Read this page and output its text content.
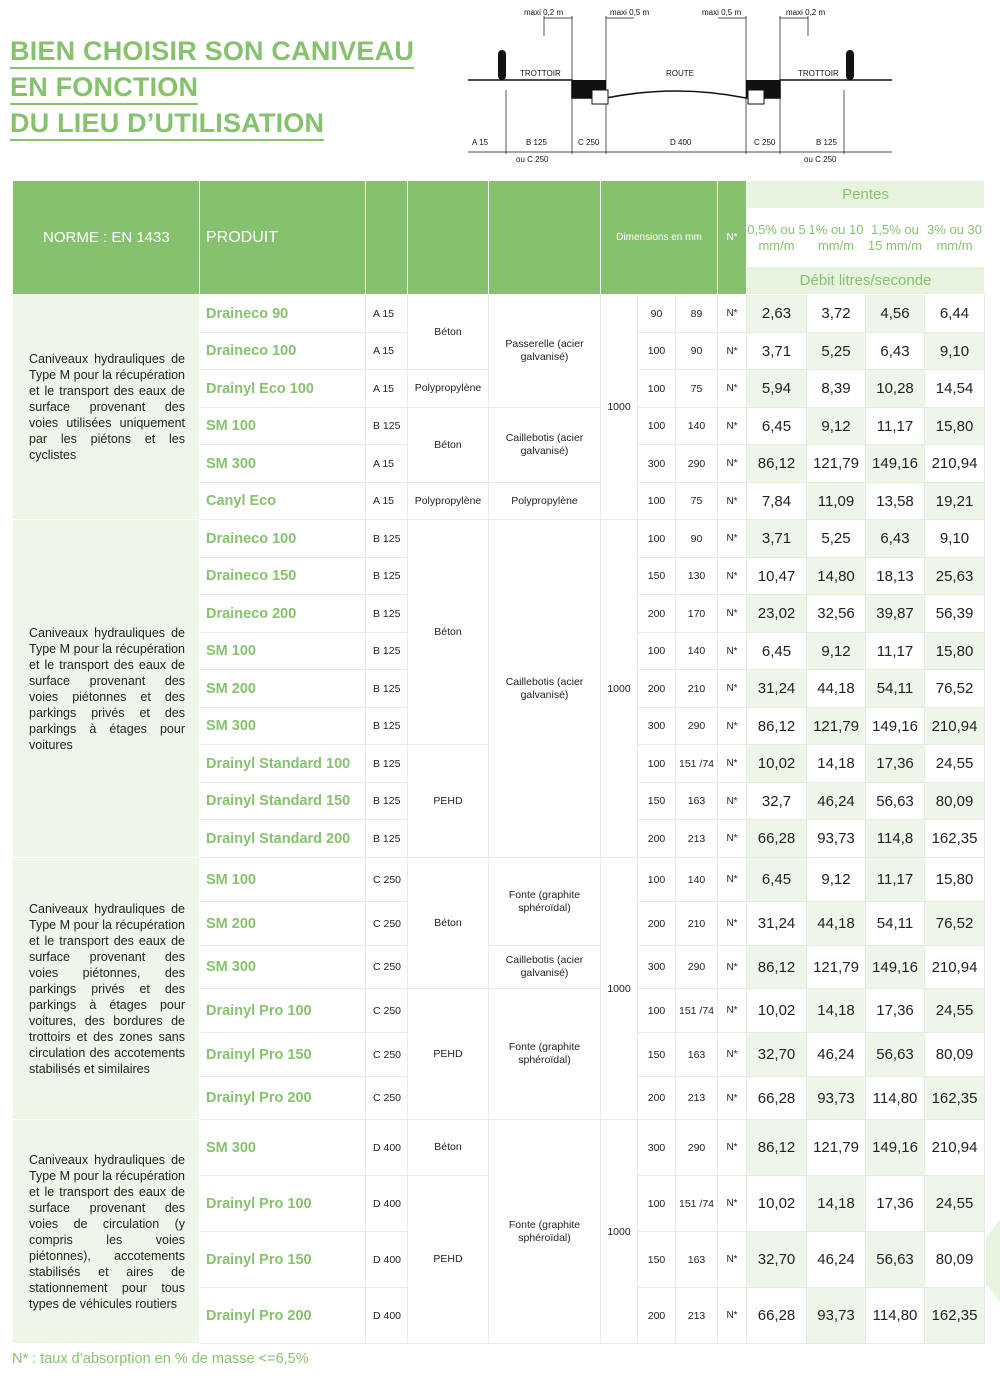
BIEN CHOISIR SON CANIVEAU
EN FONCTION
DU LIEU D’UTILISATION
maxi 0,2 m	maxi 0,5 m	maxi 0,5 m	maxi 0,2 m
TROTTOIR	ROUTE	TROTTOIR
A 15	B 125	C 250	D 400	C 250	B 125
ou C 250	ou C 250
NORME : EN 1433	PRODUIT				Dimensions en mm			N*	Pentes			
									0,5% ou 5 mm/m	1% ou 10 mm/m	1,5% ou 15 mm/m	3% ou 30 mm/m
									Débit litres/seconde			
Caniveaux hydrauliques de Type M pour la récupération et le transport des eaux de surface provenant des voies utilisées uniquement par les piétons et les cyclistes	Draineco 90	A 15	Béton	Passerelle (acier galvanisé)	1000	90	89	N*	2,63	3,72	4,56	6,44
	Draineco 100	A 15				100	90	N*	3,71	5,25	6,43	9,10
	Drainyl Eco 100	A 15	Polypropylène			100	75	N*	5,94	8,39	10,28	14,54
	SM 100	B 125	Béton	Caillebotis (acier galvanisé)		100	140	N*	6,45	9,12	11,17	15,80
	SM 300	A 15				300	290	N*	86,12	121,79	149,16	210,94
	Canyl Eco	A 15	Polypropylène	Polypropylène		100	75	N*	7,84	11,09	13,58	19,21
Caniveaux hydrauliques de Type M pour la récupération et le transport des eaux de surface provenant des voies piétonnes et des parkings privés et des parkings à étages pour voitures	Draineco 100	B 125	Béton	Caillebotis (acier galvanisé)	1000	100	90	N*	3,71	5,25	6,43	9,10
	Draineco 150	B 125				150	130	N*	10,47	14,80	18,13	25,63
	Draineco 200	B 125				200	170	N*	23,02	32,56	39,87	56,39
	SM 100	B 125				100	140	N*	6,45	9,12	11,17	15,80
	SM 200	B 125				200	210	N*	31,24	44,18	54,11	76,52
	SM 300	B 125				300	290	N*	86,12	121,79	149,16	210,94
	Drainyl Standard 100	B 125	PEHD			100	151 /74	N*	10,02	14,18	17,36	24,55
	Drainyl Standard 150	B 125				150	163	N*	32,7	46,24	56,63	80,09
	Drainyl Standard 200	B 125				200	213	N*	66,28	93,73	114,8	162,35
Caniveaux hydrauliques de Type M pour la récupération et le transport des eaux de surface provenant des voies piétonnes, des parkings privés et des parkings à étages pour voitures, des bordures de trottoirs et des zones sans circulation des accotements stabilisés et similaires	SM 100	C 250	Béton	Fonte (graphite sphéroïdal)	1000	100	140	N*	6,45	9,12	11,17	15,80
	SM 200	C 250				200	210	N*	31,24	44,18	54,11	76,52
	SM 300	C 250		Caillebotis (acier galvanisé)		300	290	N*	86,12	121,79	149,16	210,94
	Drainyl Pro 100	C 250	PEHD	Fonte (graphite sphéroïdal)		100	151 /74	N*	10,02	14,18	17,36	24,55
	Drainyl Pro 150	C 250				150	163	N*	32,70	46,24	56,63	80,09
	Drainyl Pro 200	C 250				200	213	N*	66,28	93,73	114,80	162,35
Caniveaux hydrauliques de Type M pour la récupération et le transport des eaux de surface provenant des voies de circulation (y compris les voies piétonnes), accotements stabilisés et aires de stationnement pour tous types de véhicules routiers	SM 300	D 400	Béton	Fonte (graphite sphéroïdal)	1000	300	290	N*	86,12	121,79	149,16	210,94
	Drainyl Pro 100	D 400	PEHD			100	151 /74	N*	10,02	14,18	17,36	24,55
	Drainyl Pro 150	D 400				150	163	N*	32,70	46,24	56,63	80,09
	Drainyl Pro 200	D 400				200	213	N*	66,28	93,73	114,80	162,35
N* : taux d’absorption en % de masse <=6,5%
